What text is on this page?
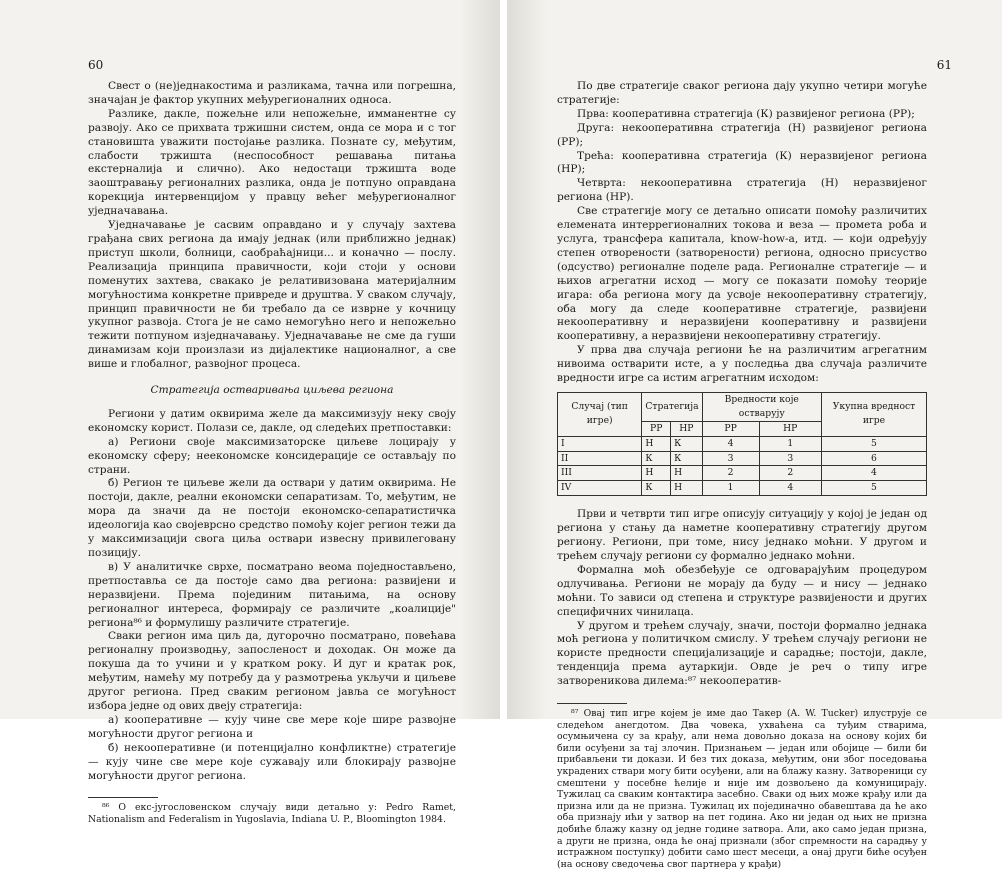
60

Свест о (не)једнакостима и разликама, тачна или погрешна, значајан је фактор укупних међурегионалних односа.

Разлике, дакле, пожељне или непожељне, имманентне су развоју. Ако се прихвата тржишни систем, онда се мора и с тог становишта уважити постојање разлика. Познате су, међутим, слабости тржишта (неспособност решавања питања екстерналија и слично). Ако недостаци тржишта воде заоштравању регионалних разлика, онда је потпуно оправдана корекција интервенцијом у правцу већег међурегионалног уједначавања.

Уједначавање је сасвим оправдано и у случају захтева грађана свих региона да имају једнак (или приближно једнак) приступ школи, болници, саобраћајници... и коначно — послу. Реализација принципа правичности, који стоји у основи поменутих захтева, свакако је релативизована материјалним могућностима конкретне привреде и друштва. У сваком случају, принцип правичности не би требало да се изврне у кочницу укупног развоја. Стога је не само немогућно него и непожељно тежити потпуном изједначавању. Уједначавање не сме да гуши динамизам који произлази из дијалектике националног, а све више и глобалног, развојног процеса.

Стратегија остваривања циљева региона

Региони у датим оквирима желе да максимизују неку своју економску корист. Полази се, дакле, од следећих претпоставки:

а) Региони своје максимизаторске циљеве лоцирају у економску сферу; неекономске консидерације се остављају по страни.

б) Регион те циљеве жели да оствари у датим оквирима. Не постоји, дакле, реални економски сепаратизам. То, међутим, не мора да значи да не постоји економско-сепаратистичка идеологија као својеврсно средство помоћу којег регион тежи да у максимизацији свога циља оствари извесну привилеговану позицију.

в) У аналитичке сврхе, посматрано веома поједностављено, претпоставља се да постоје само два региона: развијени и неразвијени. Према појединим питањима, на основу регионалног интереса, формирају се различите „коалиције" региона⁸⁶ и формулишу различите стратегије.

Сваки регион има циљ да, дугорочно посматрано, повећава регионалну производњу, запосленост и доходак. Он може да покуша да то учини и у кратком року. И дуг и кратак рок, међутим, намећу му потребу да у размотрења укључи и циљеве другог региона. Пред сваким регионом јавља се могућност избора једне од ових двеју стратегија:

а) кооперативне — кују чине све мере које шире развојне могућности другог региона и

б) некооперативне (и потенцијално конфликтне) стратегије — кују чине све мере које сужавају или блокирају развојне могућности другог региона.

⁸⁶ О екс-југословенском случају види детаљно у: Pedro Ramet, Nationalism and Federalism in Yugoslavia, Indiana U. P., Bloomington 1984.

61

По две стратегије сваког региона дају укупно четири могуће стратегије:

Прва: кооперативна стратегија (К) развијеног региона (РР);

Друга: некооперативна стратегија (Н) развијеног региона (РР);

Трећа: кооперативна стратегија (К) неразвијеног региона (НР);

Четврта: некооперативна стратегија (Н) неразвијеног региона (НР).

Све стратегије могу се детаљно описати помоћу различитих елемената интеррегионалних токова и веза — промета роба и услуга, трансфера капитала, know-how-а, итд. — који одређују степен отворености (затворености) региона, односно присуство (одсуство) регионалне поделе рада. Регионалне стратегије — и њихов агрегатни исход — могу се показати помоћу теорије игара: оба региона могу да усвоје некооперативну стратегију, оба могу да следе кооперативне стратегије, развијени некооперативну и неразвијени кооперативну и развијени кооперативну, а неразвијени некооперативну стратегију.

У прва два случаја региони ће на различитим агрегатним нивоима остварити исте, а у последња два случаја различите вредности игре са истим агрегатним исходом:

Случај (тип игре)	Стратегија		Вредности које остварују		Укупна вредност игре
	РР	НР	РР	НР	
I	Н	К	4	1	5
II	К	К	3	3	6
III	Н	Н	2	2	4
IV	К	Н	1	4	5

Први и четврти тип игре описују ситуацију у којој је један од региона у стању да наметне кооперативну стратегију другом региону. Региони, при томе, нису једнако моћни. У другом и трећем случају региони су формално једнако моћни.

Формална моћ обезбеђује се одговарајућим процедуром одлучивања. Региони не морају да буду — и нису — једнако моћни. То зависи од степена и структуре развијености и других специфичних чинилаца.

У другом и трећем случају, значи, постоји формално једнака моћ региона у политичком смислу. У трећем случају региони не користе предности специјализације и сарадње; постоји, дакле, тенденција према аутаркији. Овде је реч о типу игре затвореникова дилема:⁸⁷ некооператив-

⁸⁷ Овај тип игре којем је име дао Такер (A. W. Tucker) илуструје се следећом анегдотом. Два човека, ухваћена са туђим стварима, осумњичена су за крађу, али нема довољно доказа на основу којих би били осуђени за тај злочин. Признањем — један или обојице — били би прибављени ти докази. И без тих доказа, међутим, они због поседовања украдених ствари могу бити осуђени, али на блажу казну. Затвореници су смештени у посебне ћелије и није им дозвољено да комуницирају. Тужилац са сваким контактира засебно. Сваки од њих може крађу или да призна или да не призна. Тужилац их појединачно обавештава да ће ако оба признају ићи у затвор на пет година. Ако ни један од њих не призна добиће блажу казну од једне године затвора. Али, ако само један призна, а други не призна, онда ће онај признали (због спремности на сарадњу у истражном поступку) добити само шест месеци, а онај други биће осуђен (на основу сведочења свог партнера у крађи)
